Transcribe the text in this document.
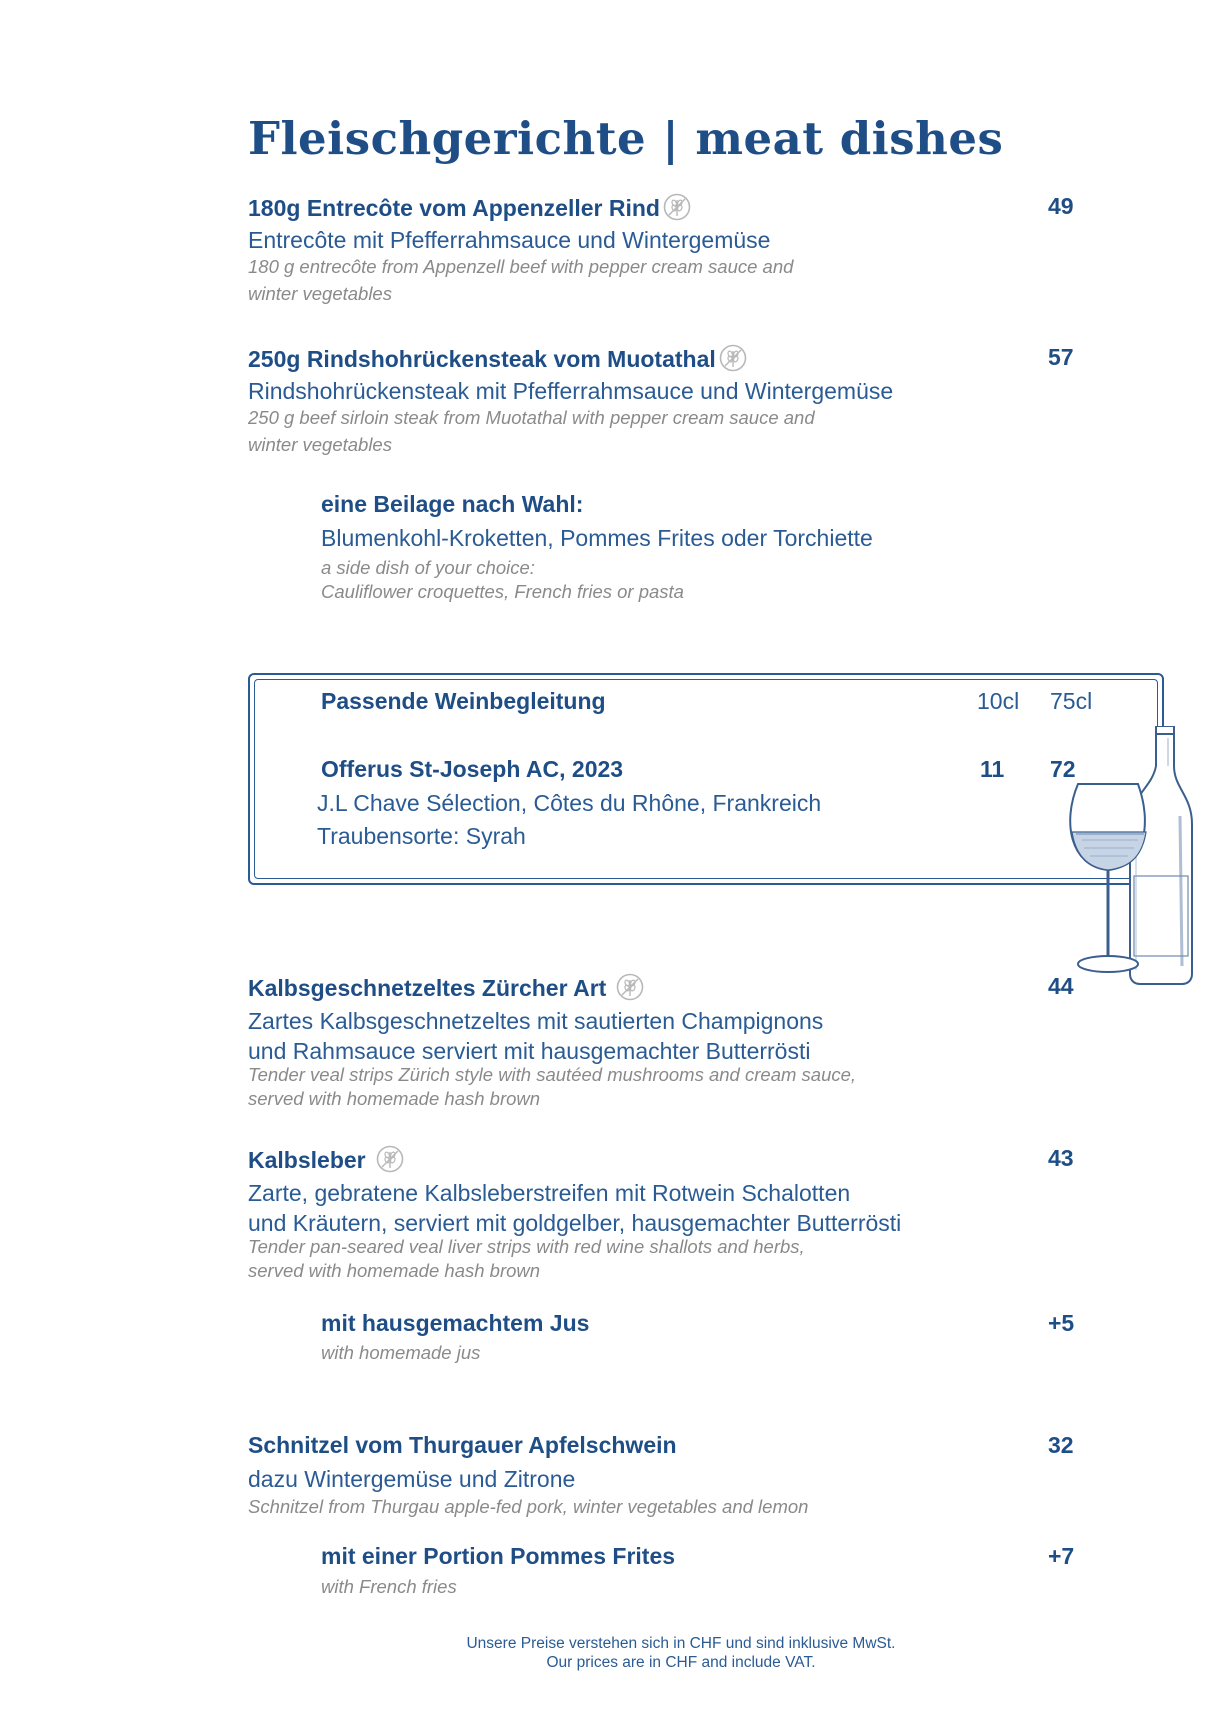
Fleischgerichte | meat dishes
180g Entrecôte vom Appenzeller Rind	49
Entrecôte mit Pfefferrahmsauce und Wintergemüse
180 g entrecôte from Appenzell beef with pepper cream sauce and
winter vegetables
250g Rindshohrückensteak vom Muotathal	57
Rindshohrückensteak mit Pfefferrahmsauce und Wintergemüse
250 g beef sirloin steak from Muotathal with pepper cream sauce and
winter vegetables
eine Beilage nach Wahl:
Blumenkohl-Kroketten, Pommes Frites oder Torchiette
a side dish of your choice:
Cauliflower croquettes, French fries or pasta
Passende Weinbegleitung	10cl 75cl
Offerus St-Joseph AC, 2023	11 72
J.L Chave Sélection, Côtes du Rhône, Frankreich
Traubensorte: Syrah
Kalbsgeschnetzeltes Zürcher Art	44
Zartes Kalbsgeschnetzeltes mit sautierten Champignons
und Rahmsauce serviert mit hausgemachter Butterrösti
Tender veal strips Zürich style with sautéed mushrooms and cream sauce,
served with homemade hash brown
Kalbsleber	43
Zarte, gebratene Kalbsleberstreifen mit Rotwein Schalotten
und Kräutern, serviert mit goldgelber, hausgemachter Butterrösti
Tender pan-seared veal liver strips with red wine shallots and herbs,
served with homemade hash brown
mit hausgemachtem Jus	+5
with homemade jus
Schnitzel vom Thurgauer Apfelschwein	32
dazu Wintergemüse und Zitrone
Schnitzel from Thurgau apple-fed pork, winter vegetables and lemon
mit einer Portion Pommes Frites	+7
with French fries
Unsere Preise verstehen sich in CHF und sind inklusive MwSt.
Our prices are in CHF and include VAT.
